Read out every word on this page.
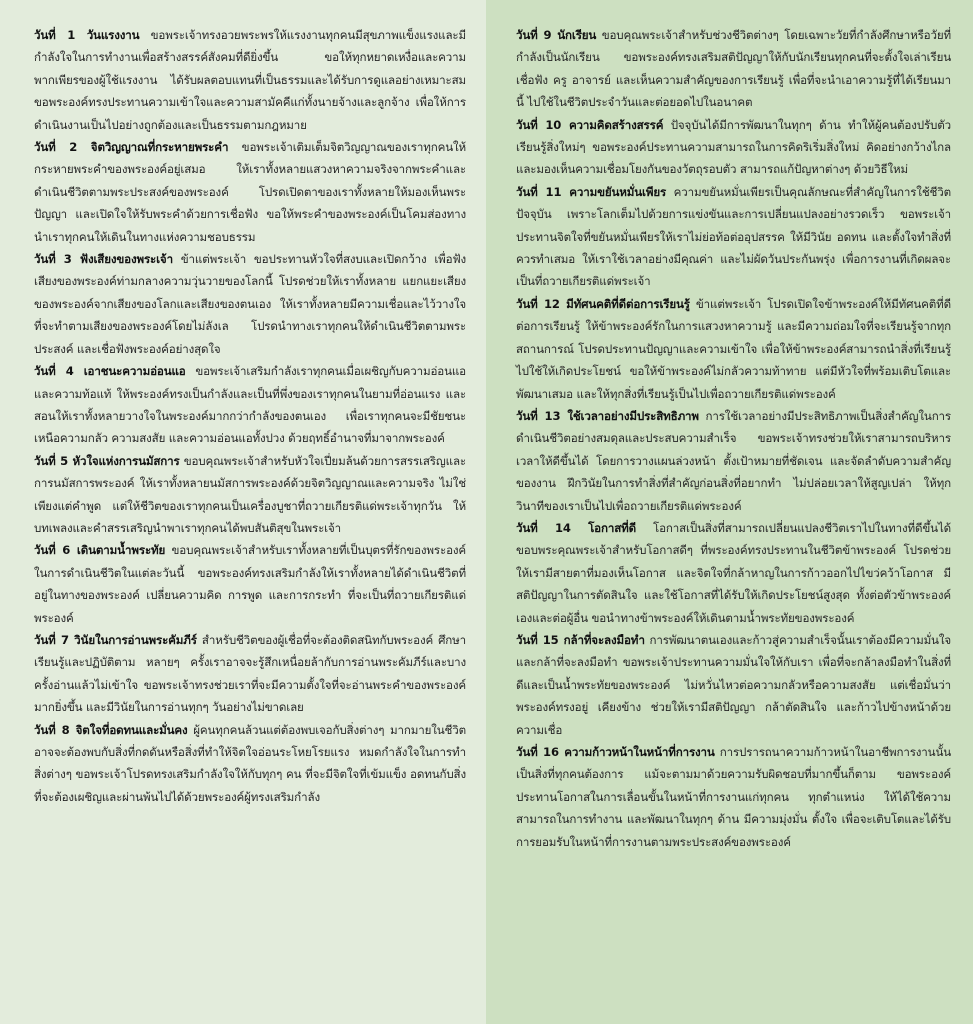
วันที่ 1 วันแรงงาน ขอพระเจ้าทรงอวยพระพรให้แรงงานทุกคนมีสุขภาพแข็งแรงและมีกำลังใจในการทำงานเพื่อสร้างสรรค์สังคมที่ดียิ่งขึ้น ขอให้ทุกหยาดเหงื่อและความพากเพียรของผู้ใช้แรงงาน ได้รับผลตอบแทนที่เป็นธรรมและได้รับการดูแลอย่างเหมาะสม ขอพระองค์ทรงประทานความเข้าใจและความสามัคคีแก่ทั้งนายจ้างและลูกจ้าง เพื่อให้การดำเนินงานเป็นไปอย่างถูกต้องและเป็นธรรมตามกฎหมาย

วันที่ 2 จิตวิญญาณที่กระหายพระคำ ขอพระเจ้าเติมเต็มจิตวิญญาณของเราทุกคนให้กระหายพระคำของพระองค์อยู่เสมอ ให้เราทั้งหลายแสวงหาความจริงจากพระคำและดำเนินชีวิตตามพระประสงค์ของพระองค์ โปรดเปิดตาของเราทั้งหลายให้มองเห็นพระปัญญา และเปิดใจให้รับพระคำด้วยการเชื่อฟัง ขอให้พระคำของพระองค์เป็นโคมส่องทาง นำเราทุกคนให้เดินในทางแห่งความชอบธรรม

วันที่ 3 ฟังเสียงของพระเจ้า ข้าแต่พระเจ้า ขอประทานหัวใจที่สงบและเปิดกว้าง เพื่อฟังเสียงของพระองค์ท่ามกลางความวุ่นวายของโลกนี้ โปรดช่วยให้เราทั้งหลาย แยกแยะเสียงของพระองค์จากเสียงของโลกและเสียงของตนเอง ให้เราทั้งหลายมีความเชื่อและไว้วางใจ ที่จะทำตามเสียงของพระองค์โดยไม่ลังเล โปรดนำทางเราทุกคนให้ดำเนินชีวิตตามพระประสงค์ และเชื่อฟังพระองค์อย่างสุดใจ

วันที่ 4 เอาชนะความอ่อนแอ ขอพระเจ้าเสริมกำลังเราทุกคนเมื่อเผชิญกับความอ่อนแอและความท้อแท้ ให้พระองค์ทรงเป็นกำลังและเป็นที่พึ่งของเราทุกคนในยามที่อ่อนแรง และสอนให้เราทั้งหลายวางใจในพระองค์มากกว่ากำลังของตนเอง เพื่อเราทุกคนจะมีชัยชนะเหนือความกลัว ความสงสัย และความอ่อนแอทั้งปวง ด้วยฤทธิ์อำนาจที่มาจากพระองค์

วันที่ 5 หัวใจแห่งการนมัสการ ขอบคุณพระเจ้าสำหรับหัวใจเปี่ยมล้นด้วยการสรรเสริญและการนมัสการพระองค์ ให้เราทั้งหลายนมัสการพระองค์ด้วยจิตวิญญาณและความจริง ไม่ใช่เพียงแต่คำพูด แต่ให้ชีวิตของเราทุกคนเป็นเครื่องบูชาที่ถวายเกียรติแด่พระเจ้าทุกวัน ให้บทเพลงและคำสรรเสริญนำพาเราทุกคนได้พบสันติสุขในพระเจ้า

วันที่ 6 เดินตามน้ำพระทัย ขอบคุณพระเจ้าสำหรับเราทั้งหลายที่เป็นบุตรที่รักของพระองค์ ในการดำเนินชีวิตในแต่ละวันนี้ ขอพระองค์ทรงเสริมกำลังให้เราทั้งหลายได้ดำเนินชีวิตที่อยู่ในทางของพระองค์ เปลี่ยนความคิด การพูด และการกระทำ ที่จะเป็นที่ถวายเกียรติแด่พระองค์

วันที่ 7 วินัยในการอ่านพระคัมภีร์ สำหรับชีวิตของผู้เชื่อที่จะต้องติดสนิทกับพระองค์ ศึกษาเรียนรู้และปฏิบัติตาม หลายๆ ครั้งเราอาจจะรู้สึกเหนื่อยล้ากับการอ่านพระคัมภีร์และบางครั้งอ่านแล้วไม่เข้าใจ ขอพระเจ้าทรงช่วยเราที่จะมีความตั้งใจที่จะอ่านพระคำของพระองค์มากยิ่งขึ้น และมีวินัยในการอ่านทุกๆ วันอย่างไม่ขาดเลย

วันที่ 8 จิตใจที่อดทนและมั่นคง ผู้คนทุกคนล้วนแต่ต้องพบเจอกับสิ่งต่างๆ มากมายในชีวิต อาจจะต้องพบกับสิ่งที่กดดันหรือสิ่งที่ทำให้จิตใจอ่อนระโหยโรยแรง หมดกำลังใจในการทำสิ่งต่างๆ ขอพระเจ้าโปรดทรงเสริมกำลังใจให้กับทุกๆ คน ที่จะมีจิตใจที่เข้มแข็ง อดทนกับสิ่งที่จะต้องเผชิญและผ่านพ้นไปได้ด้วยพระองค์ผู้ทรงเสริมกำลัง

วันที่ 9 นักเรียน ขอบคุณพระเจ้าสำหรับช่วงชีวิตต่างๆ โดยเฉพาะวัยที่กำลังศึกษาหรือวัยที่กำลังเป็นนักเรียน ขอพระองค์ทรงเสริมสติปัญญาให้กับนักเรียนทุกคนที่จะตั้งใจเล่าเรียน เชื่อฟัง ครู อาจารย์ และเห็นความสำคัญของการเรียนรู้ เพื่อที่จะนำเอาความรู้ที่ได้เรียนมานี้ ไปใช้ในชีวิตประจำวันและต่อยอดไปในอนาคต

วันที่ 10 ความคิดสร้างสรรค์ ปัจจุบันได้มีการพัฒนาในทุกๆ ด้าน ทำให้ผู้คนต้องปรับตัวเรียนรู้สิ่งใหม่ๆ ขอพระองค์ประทานความสามารถในการคิดริเริ่มสิ่งใหม่ คิดอย่างกว้างไกล และมองเห็นความเชื่อมโยงกันของวัตถุรอบตัว สามารถแก้ปัญหาต่างๆ ด้วยวิธีใหม่

วันที่ 11 ความขยันหมั่นเพียร ความขยันหมั่นเพียรเป็นคุณลักษณะที่สำคัญในการใช้ชีวิตปัจจุบัน เพราะโลกเต็มไปด้วยการแข่งขันและการเปลี่ยนแปลงอย่างรวดเร็ว ขอพระเจ้าประทานจิตใจที่ขยันหมั่นเพียรให้เราไม่ย่อท้อต่ออุปสรรค ให้มีวินัย อดทน และตั้งใจทำสิ่งที่ควรทำเสมอ ให้เราใช้เวลาอย่างมีคุณค่า และไม่ผัดวันประกันพรุ่ง เพื่อการงานที่เกิดผลจะเป็นที่ถวายเกียรติแด่พระเจ้า

วันที่ 12 มีทัศนคติที่ดีต่อการเรียนรู้ ข้าแต่พระเจ้า โปรดเปิดใจข้าพระองค์ให้มีทัศนคติที่ดีต่อการเรียนรู้ ให้ข้าพระองค์รักในการแสวงหาความรู้ และมีความถ่อมใจที่จะเรียนรู้จากทุกสถานการณ์ โปรดประทานปัญญาและความเข้าใจ เพื่อให้ข้าพระองค์สามารถนำสิ่งที่เรียนรู้ไปใช้ให้เกิดประโยชน์ ขอให้ข้าพระองค์ไม่กลัวความท้าทาย แต่มีหัวใจที่พร้อมเติบโตและพัฒนาเสมอ และให้ทุกสิ่งที่เรียนรู้เป็นไปเพื่อถวายเกียรติแด่พระองค์

วันที่ 13 ใช้เวลาอย่างมีประสิทธิภาพ การใช้เวลาอย่างมีประสิทธิภาพเป็นสิ่งสำคัญในการดำเนินชีวิตอย่างสมดุลและประสบความสำเร็จ ขอพระเจ้าทรงช่วยให้เราสามารถบริหารเวลาให้ดีขึ้นได้ โดยการวางแผนล่วงหน้า ตั้งเป้าหมายที่ชัดเจน และจัดลำดับความสำคัญของงาน ฝึกวินัยในการทำสิ่งที่สำคัญก่อนสิ่งที่อยากทำ ไม่ปล่อยเวลาให้สูญเปล่า ให้ทุกวินาทีของเราเป็นไปเพื่อถวายเกียรติแด่พระองค์

วันที่ 14 โอกาสที่ดี โอกาสเป็นสิ่งที่สามารถเปลี่ยนแปลงชีวิตเราไปในทางที่ดีขึ้นได้ ขอบพระคุณพระเจ้าสำหรับโอกาสดีๆ ที่พระองค์ทรงประทานในชีวิตข้าพระองค์ โปรดช่วยให้เรามีสายตาที่มองเห็นโอกาส และจิตใจที่กล้าหาญในการก้าวออกไปไขว่คว้าโอกาส มีสติปัญญาในการตัดสินใจ และใช้โอกาสที่ได้รับให้เกิดประโยชน์สูงสุด ทั้งต่อตัวข้าพระองค์เองและต่อผู้อื่น ขอนำทางข้าพระองค์ให้เดินตามน้ำพระทัยของพระองค์

วันที่ 15 กล้าที่จะลงมือทำ การพัฒนาตนเองและก้าวสู่ความสำเร็จนั้นเราต้องมีความมั่นใจและกล้าที่จะลงมือทำ ขอพระเจ้าประทานความมั่นใจให้กับเรา เพื่อที่จะกล้าลงมือทำในสิ่งที่ดีและเป็นน้ำพระทัยของพระองค์ ไม่หวั่นไหวต่อความกลัวหรือความสงสัย แต่เชื่อมั่นว่าพระองค์ทรงอยู่ เคียงข้าง ช่วยให้เรามีสติปัญญา กล้าตัดสินใจ และก้าวไปข้างหน้าด้วยความเชื่อ

วันที่ 16 ความก้าวหน้าในหน้าที่การงาน การปรารถนาความก้าวหน้าในอาชีพการงานนั้นเป็นสิ่งที่ทุกคนต้องการ แม้จะตามมาด้วยความรับผิดชอบที่มากขึ้นก็ตาม ขอพระองค์ประทานโอกาสในการเลื่อนขั้นในหน้าที่การงานแก่ทุกคน ทุกตำแหน่ง ให้ได้ใช้ความสามารถในการทำงาน และพัฒนาในทุกๆ ด้าน มีความมุ่งมั่น ตั้งใจ เพื่อจะเติบโตและได้รับการยอมรับในหน้าที่การงานตามพระประสงค์ของพระองค์
